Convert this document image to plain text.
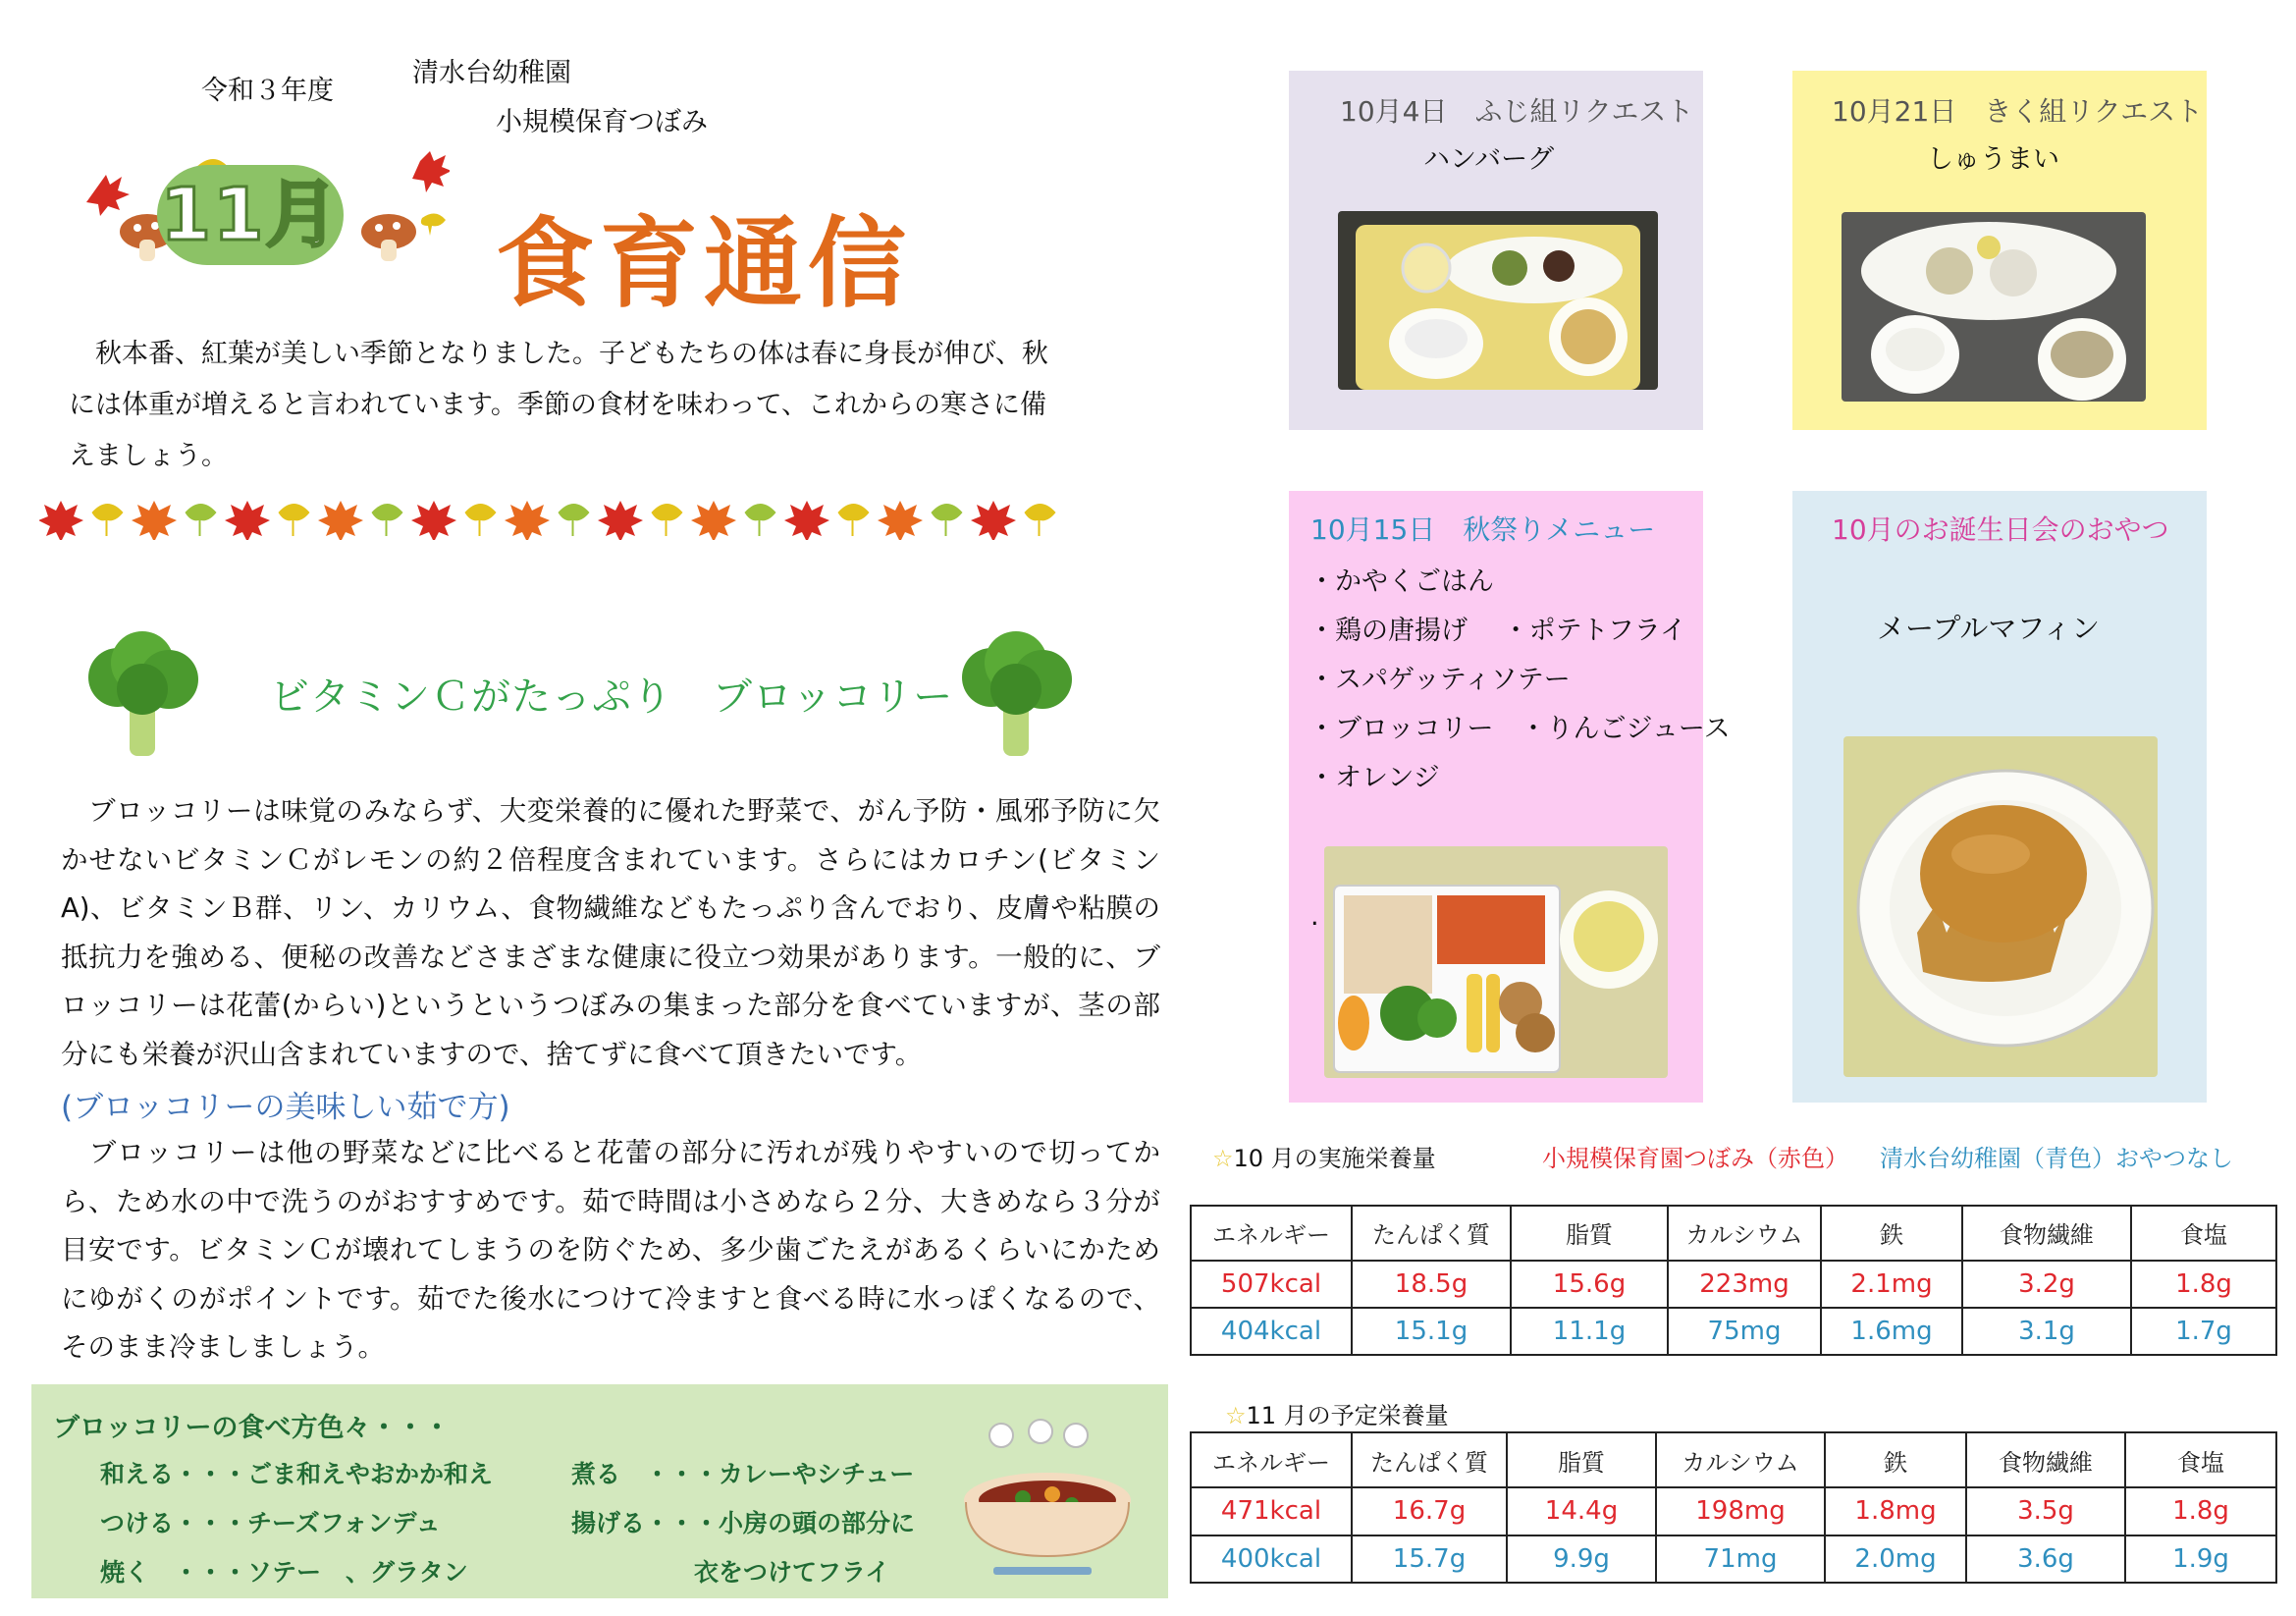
令和３年度
清水台幼稚園
小規模保育つぼみ
11月 食育通信
　秋本番、紅葉が美しい季節となりました。子どもたちの体は春に身長が伸び、秋には体重が増えると言われています。季節の食材を味わって、これからの寒さに備えましょう。
ビタミンＣがたっぷり　ブロッコリー
　ブロッコリーは味覚のみならず、大変栄養的に優れた野菜で、がん予防・風邪予防に欠かせないビタミンＣがレモンの約２倍程度含まれています。さらにはカロチン(ビタミンA)、ビタミンＢ群、リン、カリウム、食物繊維などもたっぷり含んでおり、皮膚や粘膜の抵抗力を強める、便秘の改善などさまざまな健康に役立つ効果があります。一般的に、ブロッコリーは花蕾(からい)というというつぼみの集まった部分を食べていますが、茎の部分にも栄養が沢山含まれていますので、捨てずに食べて頂きたいです。
(ブロッコリーの美味しい茹で方)
　ブロッコリーは他の野菜などに比べると花蕾の部分に汚れが残りやすいので切ってから、ため水の中で洗うのがおすすめです。茹で時間は小さめなら２分、大きめなら３分が目安です。ビタミンＣが壊れてしまうのを防ぐため、多少歯ごたえがあるくらいにかためにゆがくのがポイントです。茹でた後水につけて冷ますと食べる時に水っぽくなるので、そのまま冷ましましょう。
ブロッコリーの食べ方色々・・・
和える・・・ごま和えやおかか和え
つける・・・チーズフォンデュ
焼く　・・・ソテー　、グラタン
煮る　・・・カレーやシチュー
揚げる・・・小房の頭の部分に
　　　　　衣をつけてフライ
10月4日　ふじ組リクエスト
ハンバーグ
10月21日　きく組リクエスト
しゅうまい
10月15日　秋祭りメニュー
・かやくごはん
・鶏の唐揚げ　 ・ポテトフライ
・スパゲッティソテー
・ブロッコリー　・りんごジュース
・オレンジ
.
10月のお誕生日会のおやつ
メープルマフィン
☆10 月の実施栄養量	小規模保育園つぼみ（赤色） 清水台幼稚園（青色）おやつなし
エネルギー	たんぱく質	脂質	カルシウム	鉄	食物繊維	食塩
507kcal	18.5g	15.6g	223mg	2.1mg	3.2g	1.8g
404kcal	15.1g	11.1g	75mg	1.6mg	3.1g	1.7g
☆11 月の予定栄養量
エネルギー	たんぱく質	脂質	カルシウム	鉄	食物繊維	食塩
471kcal	16.7g	14.4g	198mg	1.8mg	3.5g	1.8g
400kcal	15.7g	9.9g	71mg	2.0mg	3.6g	1.9g
